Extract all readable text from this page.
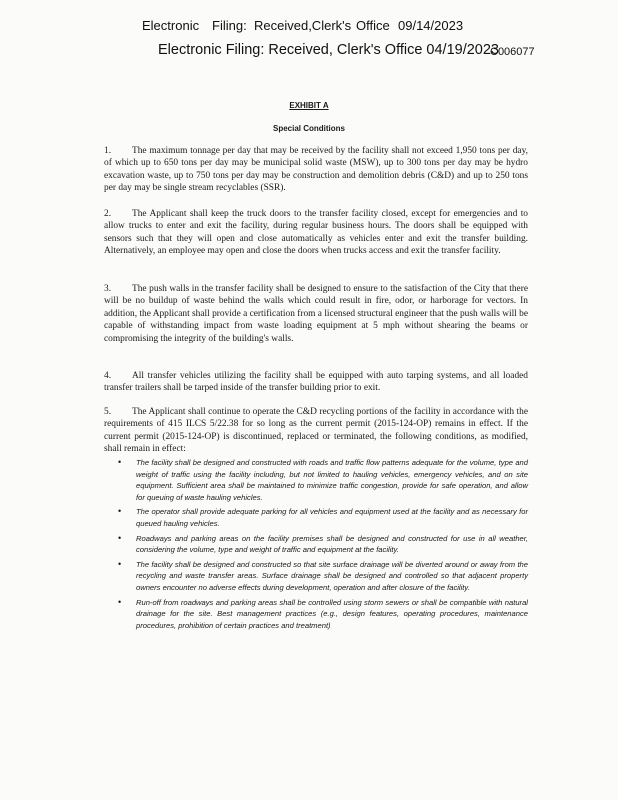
Electronic Filing: Received,Clerk's Office 09/14/2023
Electronic Filing: Received, Clerk's Office 04/19/2023
C006077
EXHIBIT A
Special Conditions
1. The maximum tonnage per day that may be received by the facility shall not exceed 1,950 tons per day, of which up to 650 tons per day may be municipal solid waste (MSW), up to 300 tons per day may be hydro excavation waste, up to 750 tons per day may be construction and demolition debris (C&D) and up to 250 tons per day may be single stream recyclables (SSR).
2. The Applicant shall keep the truck doors to the transfer facility closed, except for emergencies and to allow trucks to enter and exit the facility, during regular business hours. The doors shall be equipped with sensors such that they will open and close automatically as vehicles enter and exit the transfer building. Alternatively, an employee may open and close the doors when trucks access and exit the transfer facility.
3. The push walls in the transfer facility shall be designed to ensure to the satisfaction of the City that there will be no buildup of waste behind the walls which could result in fire, odor, or harborage for vectors. In addition, the Applicant shall provide a certification from a licensed structural engineer that the push walls will be capable of withstanding impact from waste loading equipment at 5 mph without shearing the beams or compromising the integrity of the building's walls.
4. All transfer vehicles utilizing the facility shall be equipped with auto tarping systems, and all loaded transfer trailers shall be tarped inside of the transfer building prior to exit.
5. The Applicant shall continue to operate the C&D recycling portions of the facility in accordance with the requirements of 415 ILCS 5/22.38 for so long as the current permit (2015-124-OP) remains in effect. If the current permit (2015-124-OP) is discontinued, replaced or terminated, the following conditions, as modified, shall remain in effect:
• The facility shall be designed and constructed with roads and traffic flow patterns adequate for the volume, type and weight of traffic using the facility including, but not limited to hauling vehicles, emergency vehicles, and on site equipment. Sufficient area shall be maintained to minimize traffic congestion, provide for safe operation, and allow for queuing of waste hauling vehicles.
• The operator shall provide adequate parking for all vehicles and equipment used at the facility and as necessary for queued hauling vehicles.
• Roadways and parking areas on the facility premises shall be designed and constructed for use in all weather, considering the volume, type and weight of traffic and equipment at the facility.
• The facility shall be designed and constructed so that site surface drainage will be diverted around or away from the recycling and waste transfer areas. Surface drainage shall be designed and controlled so that adjacent property owners encounter no adverse effects during development, operation and after closure of the facility.
• Run-off from roadways and parking areas shall be controlled using storm sewers or shall be compatible with natural drainage for the site. Best management practices (e.g., design features, operating procedures, maintenance procedures, prohibition of certain practices and treatment)
